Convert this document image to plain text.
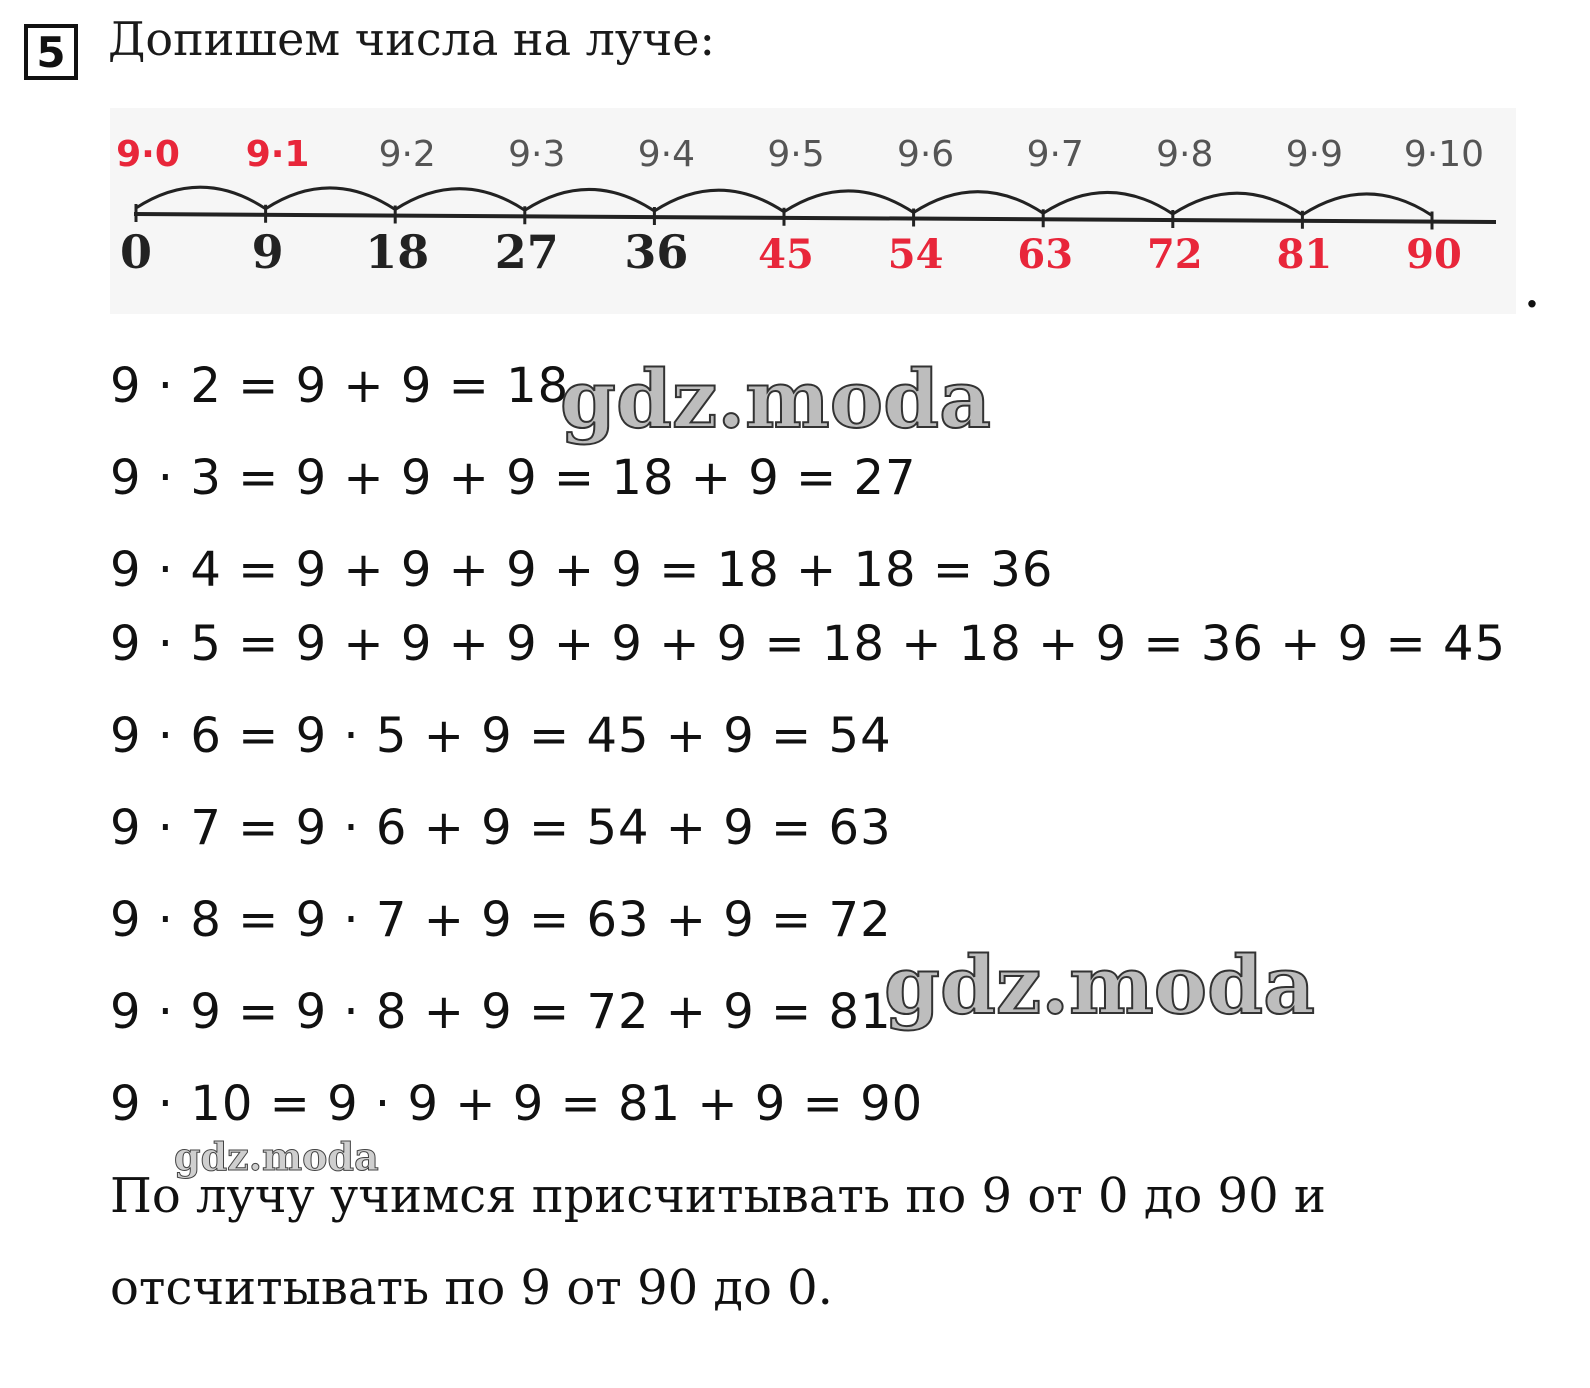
5 Допишем числа на луче:
9·0
0
9·1
9
9·2
18
9·3
27
9·4
36
9·5
45
9·6
54
9·7
63
9·8
72
9·9
81
9·10
90
.
9 · 2 = 9 + 9 = 18
9 · 3 = 9 + 9 + 9 = 18 + 9 = 27
9 · 4 = 9 + 9 + 9 + 9 = 18 + 18 = 36
9 · 5 = 9 + 9 + 9 + 9 + 9 = 18 + 18 + 9 = 36 + 9 = 45
9 · 6 = 9 · 5 + 9 = 45 + 9 = 54
9 · 7 = 9 · 6 + 9 = 54 + 9 = 63
9 · 8 = 9 · 7 + 9 = 63 + 9 = 72
9 · 9 = 9 · 8 + 9 = 72 + 9 = 81
9 · 10 = 9 · 9 + 9 = 81 + 9 = 90
По лучу учимся присчитывать по 9 от 0 до 90 и
отсчитывать по 9 от 90 до 0.
gdz.moda
gdz.moda
gdz.moda
